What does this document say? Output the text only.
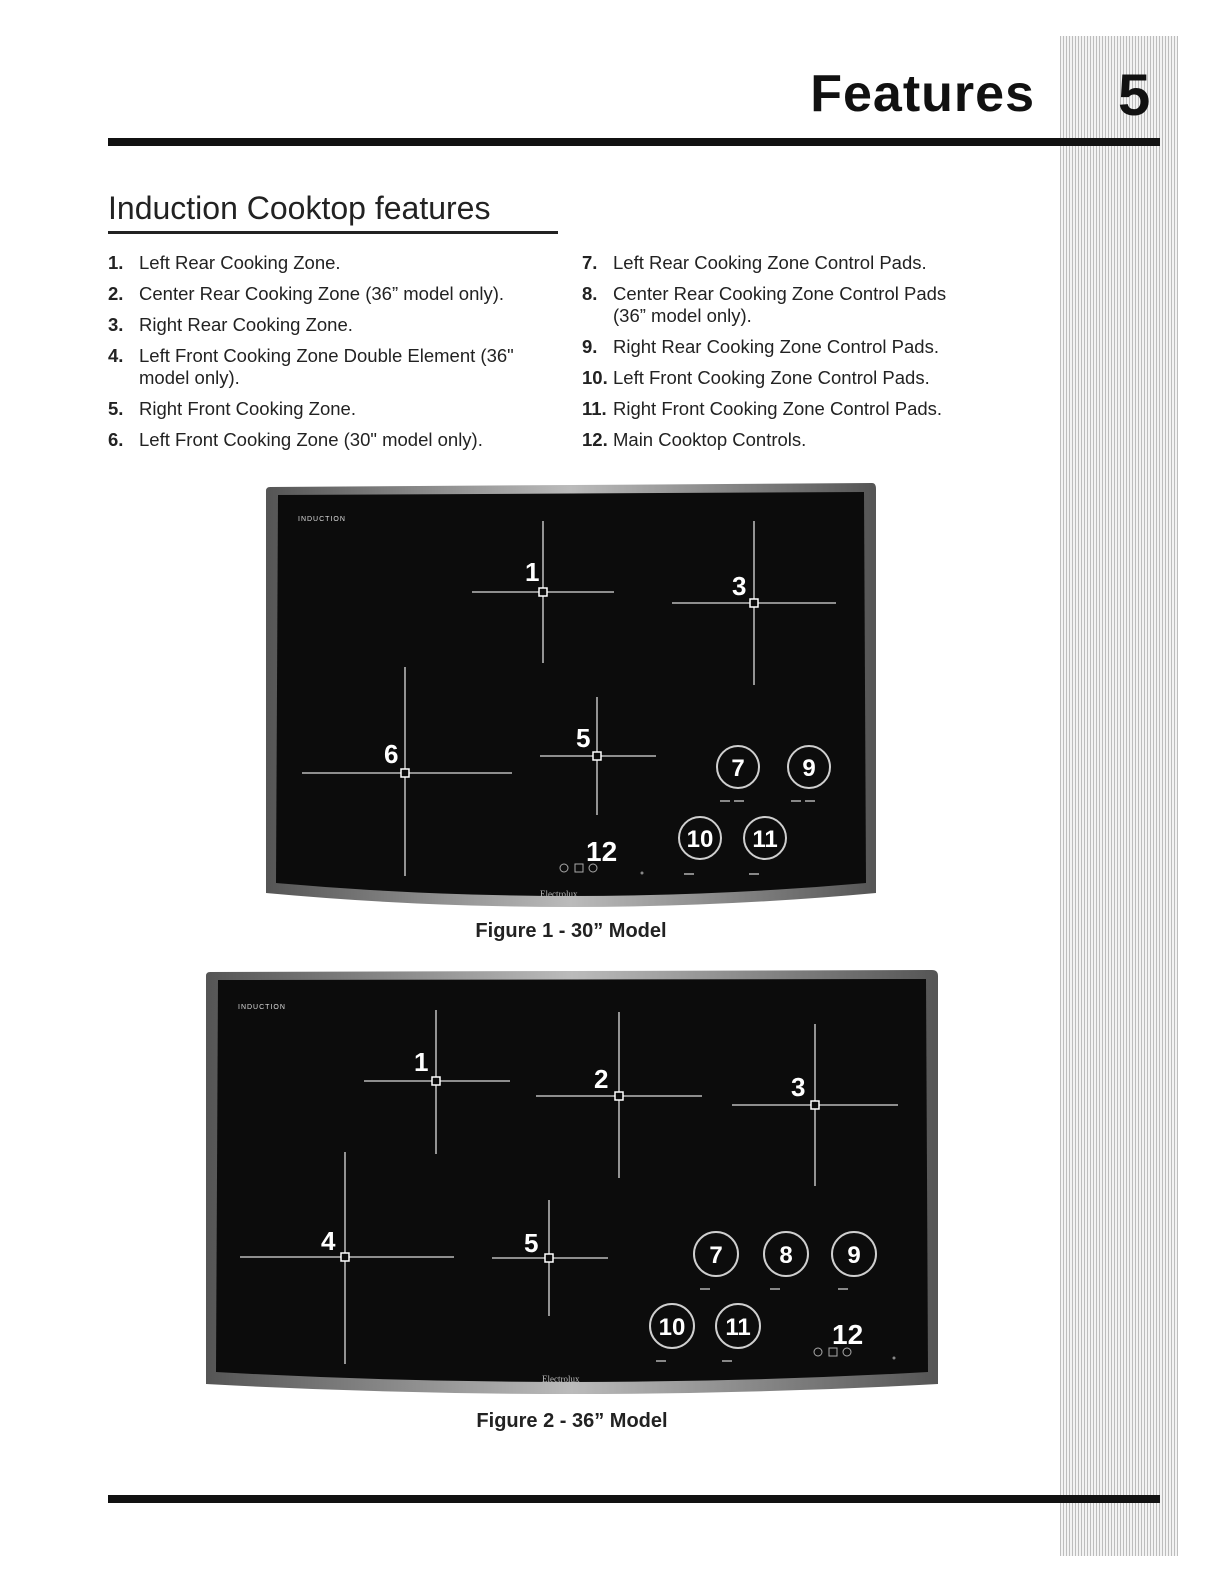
5
Features
Induction Cooktop features
1. Left Rear Cooking Zone.
2. Center Rear Cooking Zone (36” model only).
3. Right Rear Cooking Zone.
4. Left Front Cooking Zone Double Element (36" model only).
5. Right Front Cooking Zone.
6. Left Front Cooking Zone (30" model only).
7. Left Rear Cooking Zone Control Pads.
8. Center Rear Cooking Zone Control Pads (36” model only).
9. Right Rear Cooking Zone Control Pads.
10. Left Front Cooking Zone Control Pads.
11. Right Front Cooking Zone Control Pads.
12. Main Cooktop Controls.
1	3
5
6	7 9
10 11
12
INDUCTION
Electrolux
Figure 1 - 30” Model
1
2	3
4	5	7 8 9
10 11	12
INDUCTION
Electrolux
Figure 2 - 36” Model
